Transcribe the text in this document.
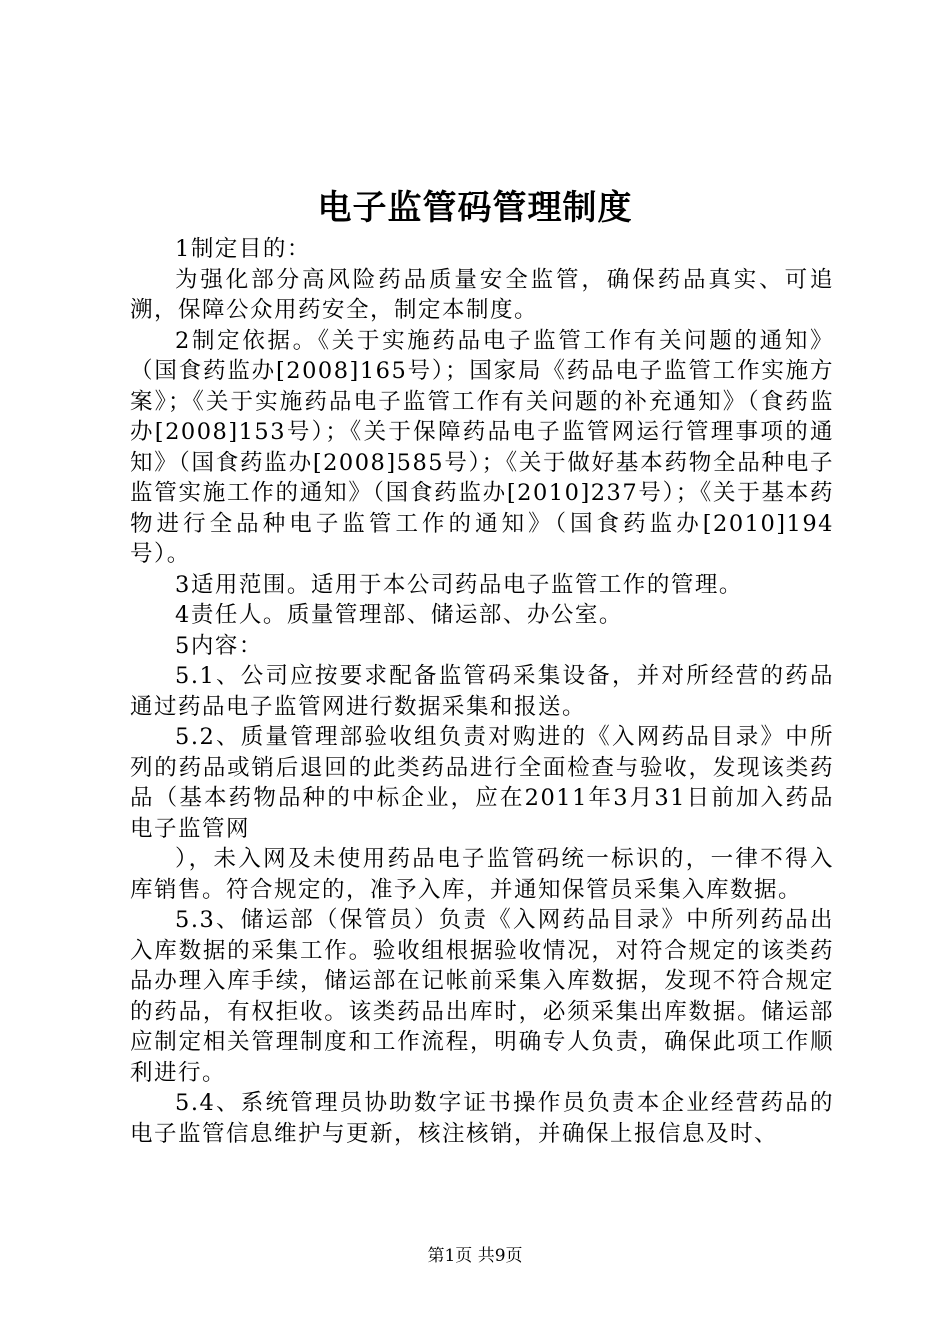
电子监管码管理制度

1制定目的：

为强化部分高风险药品质量安全监管，确保药品真实、可追溯，保障公众用药安全，制定本制度。

2制定依据。《关于实施药品电子监管工作有关问题的通知》（国食药监办[2008]165号）；国家局《药品电子监管工作实施方案》；《关于实施药品电子监管工作有关问题的补充通知》（食药监办[2008]153号）；《关于保障药品电子监管网运行管理事项的通知》（国食药监办[2008]585号）；《关于做好基本药物全品种电子监管实施工作的通知》（国食药监办[2010]237号）；《关于基本药物进行全品种电子监管工作的通知》（国食药监办[2010]194号）。

3适用范围。适用于本公司药品电子监管工作的管理。

4责任人。质量管理部、储运部、办公室。

5内容：

5.1、公司应按要求配备监管码采集设备，并对所经营的药品通过药品电子监管网进行数据采集和报送。

5.2、质量管理部验收组负责对购进的《入网药品目录》中所列的药品或销后退回的此类药品进行全面检查与验收，发现该类药品（基本药物品种的中标企业，应在2011年3月31日前加入药品电子监管网

），未入网及未使用药品电子监管码统一标识的，一律不得入库销售。符合规定的，准予入库，并通知保管员采集入库数据。

5.3、储运部（保管员）负责《入网药品目录》中所列药品出入库数据的采集工作。验收组根据验收情况，对符合规定的该类药品办理入库手续，储运部在记帐前采集入库数据，发现不符合规定的药品，有权拒收。该类药品出库时，必须采集出库数据。储运部应制定相关管理制度和工作流程，明确专人负责，确保此项工作顺利进行。

5.4、系统管理员协助数字证书操作员负责本企业经营药品的电子监管信息维护与更新，核注核销，并确保上报信息及时、

第1页 共9页
